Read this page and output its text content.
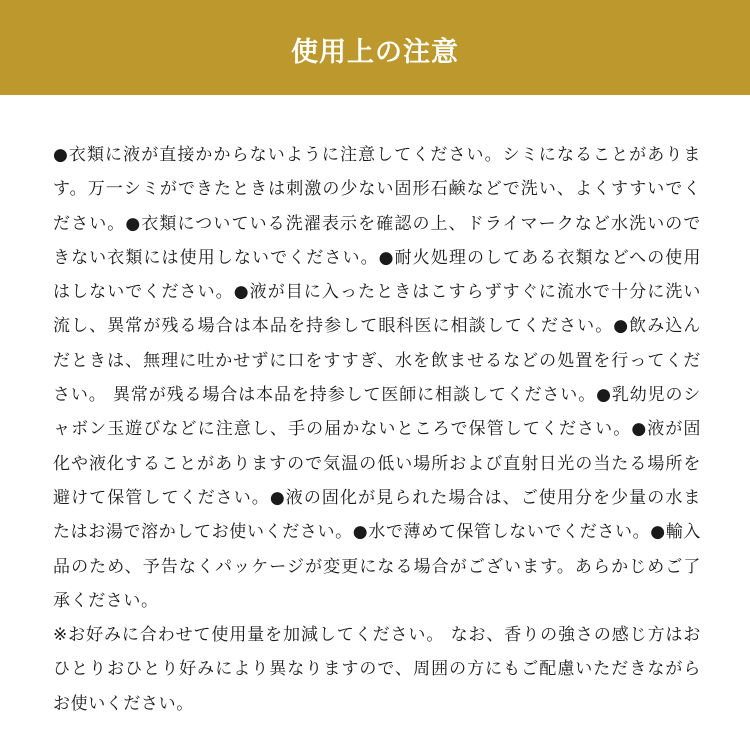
使用上の注意

●衣類に液が直接かからないように注意してください。シミになることがあります。万一シミができたときは刺激の少ない固形石鹸などで洗い、よくすすいでください。●衣類についている洗濯表示を確認の上、ドライマークなど水洗いのできない衣類には使用しないでください。●耐火処理のしてある衣類などへの使用はしないでください。●液が目に入ったときはこすらずすぐに流水で十分に洗い流し、異常が残る場合は本品を持参して眼科医に相談してください。●飲み込んだときは、無理に吐かせずに口をすすぎ、水を飲ませるなどの処置を行ってください。 異常が残る場合は本品を持参して医師に相談してください。●乳幼児のシャボン玉遊びなどに注意し、手の届かないところで保管してください。●液が固化や液化することがありますので気温の低い場所および直射日光の当たる場所を避けて保管してください。●液の固化が見られた場合は、ご使用分を少量の水またはお湯で溶かしてお使いください。●水で薄めて保管しないでください。●輸入品のため、予告なくパッケージが変更になる場合がございます。あらかじめご了承ください。

※お好みに合わせて使用量を加減してください。 なお、香りの強さの感じ方はおひとりおひとり好みにより異なりますので、周囲の方にもご配慮いただきながらお使いください。
